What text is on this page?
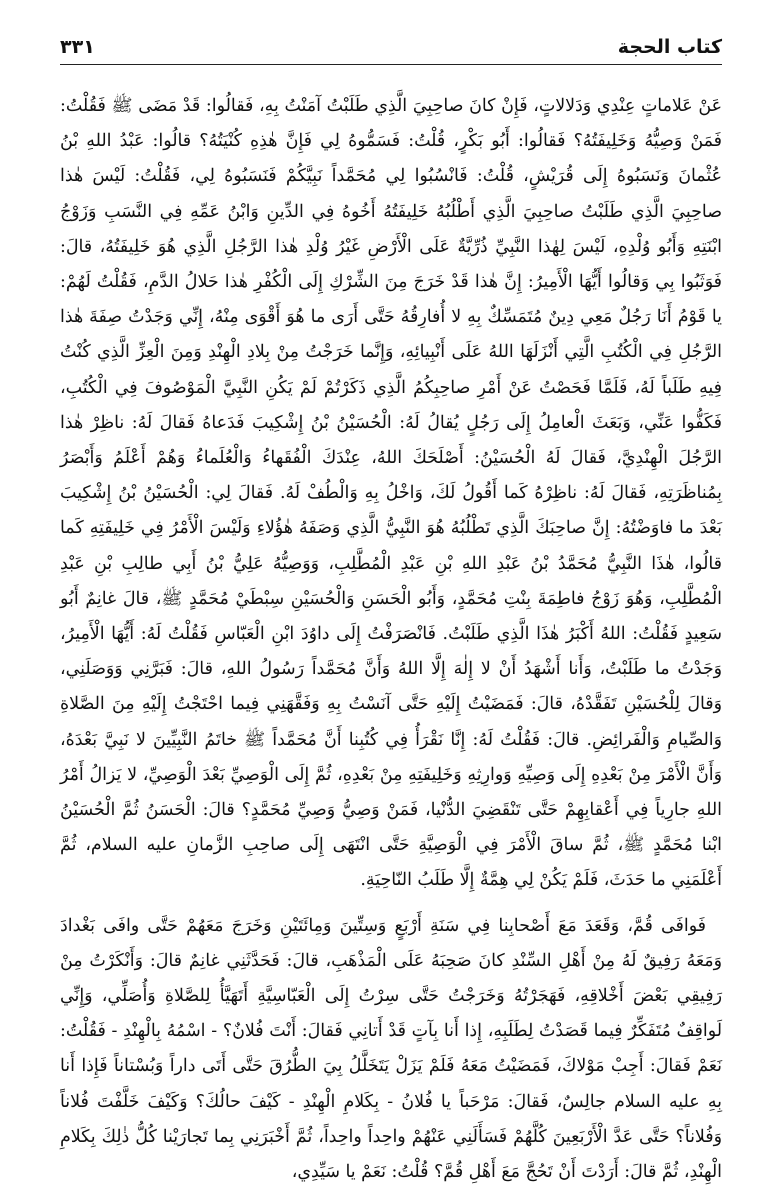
٣٣١	كتاب الحجة

عَنْ عَلاماتٍ عِنْدِي وَدَلالاتٍ، فَإِنْ كانَ صاحِبِيَ الَّذِي طَلَبْتُ آمَنْتُ بِهِ، فَقالُوا: قَدْ مَضَى ﷺ فَقُلْتُ: فَمَنْ وَصِيُّهُ وَخَلِيفَتُهُ؟ فَقالُوا: أَبُو بَكْرٍ، قُلْتُ: فَسَمُّوهُ لِي فَإِنَّ هٰذِهِ كُنْيَتُهُ؟ قالُوا: عَبْدُ اللهِ بْنُ عُثْمانَ وَنَسَبُوهُ إِلَى قُرَيْشٍ، قُلْتُ: فَانْسُبُوا لِي مُحَمَّداً نَبِيَّكُمْ فَنَسَبُوهُ لِي، فَقُلْتُ: لَيْسَ هٰذا صاحِبِيَ الَّذِي طَلَبْتُ صاحِبِيَ الَّذِي أَطْلُبُهُ خَلِيفَتُهُ أَخُوهُ فِي الدِّينِ وَابْنُ عَمِّهِ فِي النَّسَبِ وَزَوْجُ ابْنَتِهِ وَأَبُو وُلْدِهِ، لَيْسَ لِهٰذا النَّبِيِّ ذُرِّيَّةٌ عَلَى الْأَرْضِ غَيْرُ وُلْدِ هٰذا الرَّجُلِ الَّذِي هُوَ خَلِيفَتُهُ، قالَ: فَوَثَبُوا بِي وَقالُوا أَيُّهَا الْأَمِيرُ: إِنَّ هٰذا قَدْ خَرَجَ مِنَ الشِّرْكِ إِلَى الْكُفْرِ هٰذا حَلالُ الدَّمِ، فَقُلْتُ لَهُمْ: يا قَوْمُ أَنَا رَجُلٌ مَعِي دِينٌ مُتَمَسِّكٌ بِهِ لا أُفارِقُهُ حَتَّى أَرَى ما هُوَ أَقْوَى مِنْهُ، إِنِّي وَجَدْتُ صِفَةَ هٰذا الرَّجُلِ فِي الْكُتُبِ الَّتِي أَنْزَلَهَا اللهُ عَلَى أَنْبِيائِهِ، وَإِنَّما خَرَجْتُ مِنْ بِلادِ الْهِنْدِ وَمِنَ الْعِزِّ الَّذِي كُنْتُ فِيهِ طَلَباً لَهُ، فَلَمَّا فَحَصْتُ عَنْ أَمْرِ صاحِبِكُمُ الَّذِي ذَكَرْتُمْ لَمْ يَكُنِ النَّبِيَّ الْمَوْصُوفَ فِي الْكُتُبِ، فَكَفُّوا عَنِّي، وَبَعَثَ الْعامِلُ إِلَى رَجُلٍ يُقالُ لَهُ: الْحُسَيْنُ بْنُ إِشْكِيبَ فَدَعاهُ فَقالَ لَهُ: ناظِرْ هٰذا الرَّجُلَ الْهِنْدِيَّ، فَقالَ لَهُ الْحُسَيْنُ: أَصْلَحَكَ اللهُ، عِنْدَكَ الْفُقَهاءُ وَالْعُلَماءُ وَهُمْ أَعْلَمُ وَأَبْصَرُ بِمُناظَرَتِهِ، فَقالَ لَهُ: ناظِرْهُ كَما أَقُولُ لَكَ، وَاخْلُ بِهِ وَالْطُفْ لَهُ. فَقالَ لِي: الْحُسَيْنُ بْنُ إِشْكِيبَ بَعْدَ ما فاوَضْتُهُ: إِنَّ صاحِبَكَ الَّذِي تَطْلُبُهُ هُوَ النَّبِيُّ الَّذِي وَصَفَهُ هٰؤُلاءِ وَلَيْسَ الْأَمْرُ فِي خَلِيفَتِهِ كَما قالُوا، هٰذَا النَّبِيُّ مُحَمَّدُ بْنُ عَبْدِ اللهِ بْنِ عَبْدِ الْمُطَّلِبِ، وَوَصِيُّهُ عَلِيُّ بْنُ أَبِي طالِبِ بْنِ عَبْدِ الْمُطَّلِبِ، وَهُوَ زَوْجُ فاطِمَةَ بِنْتِ مُحَمَّدٍ، وَأَبُو الْحَسَنِ وَالْحُسَيْنِ سِبْطَيْ مُحَمَّدٍ ﷺ، قالَ غانِمٌ أَبُو سَعِيدٍ فَقُلْتُ: اللهُ أَكْبَرُ هٰذَا الَّذِي طَلَبْتُ. فَانْصَرَفْتُ إِلَى داوُدَ ابْنِ الْعَبّاسِ فَقُلْتُ لَهُ: أَيُّهَا الْأَمِيرُ، وَجَدْتُ ما طَلَبْتُ، وَأَنا أَشْهَدُ أَنْ لا إِلٰهَ إِلَّا اللهُ وَأَنَّ مُحَمَّداً رَسُولُ اللهِ، قالَ: فَبَرَّنِي وَوَصَلَنِي، وَقالَ لِلْحُسَيْنِ تَفَقَّدْهُ، قالَ: فَمَضَيْتُ إِلَيْهِ حَتَّى آنَسْتُ بِهِ وَفَقَّهَنِي فِيما احْتَجْتُ إِلَيْهِ مِنَ الصَّلاةِ وَالصِّيامِ وَالْفَرائِضِ. قالَ: فَقُلْتُ لَهُ: إِنَّا نَقْرَأُ فِي كُتُبِنا أَنَّ مُحَمَّداً ﷺ خاتَمُ النَّبِيِّينَ لا نَبِيَّ بَعْدَهُ، وَأَنَّ الْأَمْرَ مِنْ بَعْدِهِ إِلَى وَصِيِّهِ وَوارِثِهِ وَخَلِيفَتِهِ مِنْ بَعْدِهِ، ثُمَّ إِلَى الْوَصِيِّ بَعْدَ الْوَصِيِّ، لا يَزالُ أَمْرُ اللهِ جارِياً فِي أَعْقابِهِمْ حَتَّى تَنْقَضِيَ الدُّنْيا، فَمَنْ وَصِيُّ وَصِيِّ مُحَمَّدٍ؟ قالَ: الْحَسَنُ ثُمَّ الْحُسَيْنُ ابْنا مُحَمَّدٍ ﷺ، ثُمَّ ساقَ الْأَمْرَ فِي الْوَصِيَّةِ حَتَّى انْتَهَى إِلَى صاحِبِ الزَّمانِ عليه السلام، ثُمَّ أَعْلَمَنِي ما حَدَثَ، فَلَمْ يَكُنْ لِي هِمَّةٌ إِلَّا طَلَبُ النّاحِيَةِ.

فَوافَى قُمَّ، وَقَعَدَ مَعَ أَصْحابِنا فِي سَنَةِ أَرْبَعٍ وَسِتِّينَ وَمِائَتَيْنِ وَخَرَجَ مَعَهُمْ حَتَّى وافَى بَغْدادَ وَمَعَهُ رَفِيقٌ لَهُ مِنْ أَهْلِ السِّنْدِ كانَ صَحِبَهُ عَلَى الْمَذْهَبِ، قالَ: فَحَدَّثَنِي غانِمٌ قالَ: وَأَنْكَرْتُ مِنْ رَفِيقِي بَعْضَ أَخْلاقِهِ، فَهَجَرْتُهُ وَخَرَجْتُ حَتَّى سِرْتُ إِلَى الْعَبّاسِيَّةِ أَتَهَيَّأُ لِلصَّلاةِ وَأُصَلِّي، وَإِنِّي لَواقِفٌ مُتَفَكِّرٌ فِيما قَصَدْتُ لِطَلَبِهِ، إِذا أَنا بِآتٍ قَدْ أَتانِي فَقالَ: أَنْتَ فُلانٌ؟ - اسْمُهُ بِالْهِنْدِ - فَقُلْتُ: نَعَمْ فَقالَ: أَجِبْ مَوْلاكَ، فَمَضَيْتُ مَعَهُ فَلَمْ يَزَلْ يَتَخَلَّلُ بِيَ الطُّرُقَ حَتَّى أَتَى داراً وَبُسْتاناً فَإِذا أَنا بِهِ عليه السلام جالِسٌ، فَقالَ: مَرْحَباً يا فُلانُ - بِكَلامِ الْهِنْدِ - كَيْفَ حالُكَ؟ وَكَيْفَ خَلَّفْتَ فُلاناً وَفُلاناً؟ حَتَّى عَدَّ الْأَرْبَعِينَ كُلَّهُمْ فَسَأَلَنِي عَنْهُمْ واحِداً واحِداً، ثُمَّ أَخْبَرَنِي بِما تَجارَيْنا كُلُّ ذٰلِكَ بِكَلامِ الْهِنْدِ، ثُمَّ قالَ: أَرَدْتَ أَنْ تَحُجَّ مَعَ أَهْلِ قُمَّ؟ قُلْتُ: نَعَمْ يا سَيِّدِي،
